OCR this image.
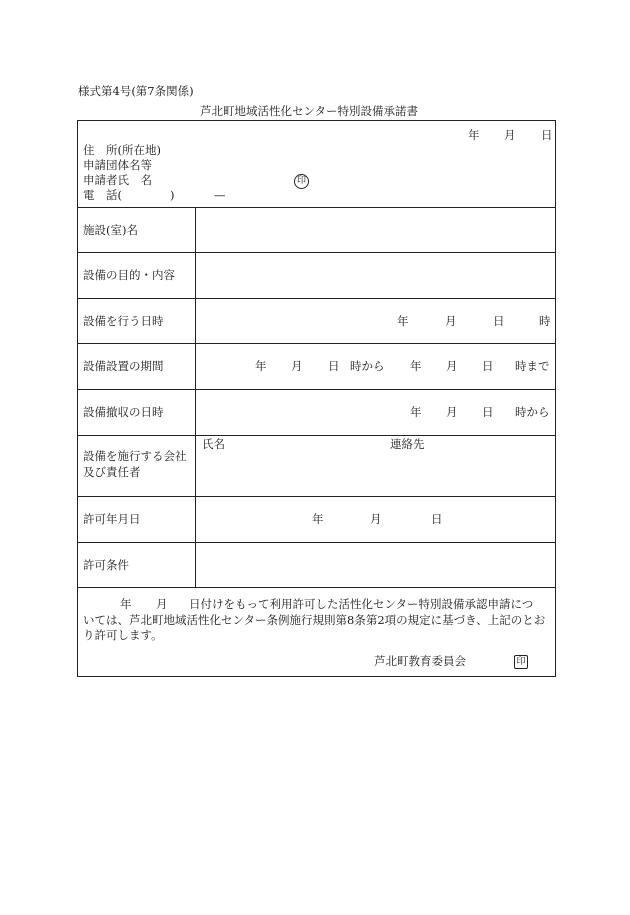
様式第4号(第7条関係)
芦北町地域活性化センター特別設備承諾書
年 月 日
住　所(所在地)
申請団体名等
申請者氏　名	印
電　話(	)	—
施設(室)名
設備の目的・内容
設備を行う日時	年	月	日	時
設備設置の期間	年 月 日 時から 年 月 日 時まで
設備撤収の日時	年 月 日 時から
設備を施行する会社
及び責任者
氏名	連絡先
許可年月日	年	月	日
許可条件
年 月 日付けをもって利用許可した活性化センター特別設備承認申請につ
いては、芦北町地域活性化センター条例施行規則第8条第2項の規定に基づき、上記のとお
り許可します。
芦北町教育委員会	印
